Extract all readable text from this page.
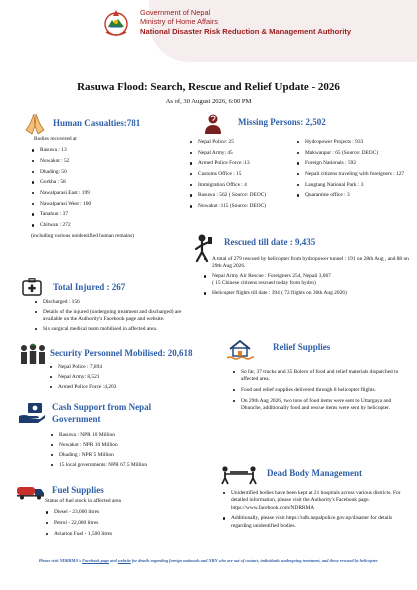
Government of Nepal
Ministry of Home Affairs
National Disaster Risk Reduction & Management Authority
Rasuwa Flood: Search, Rescue and Relief Update - 2026
As of, 30 August 2026, 6:00 PM
Human Casualties:781
Bodies recovered at
Rasuwa : 13
Nuwakot : 52
Dhading: 50
Gorkha : 58
Nawalparasi East : 199
Nawalparasi West : 100
Tanahun : 37
Chitwan : 272
(including various unidentified human remains)
Missing Persons: 2,502
Nepal Police: 25
Nepal Army: 45
Armed Police Force :13
Customs Office : 15
Immigration Office : 4
Rasuwa : 562 ( Source: DEOC)
Nuwakot :115 (Source: DEOC)
Hydropower Projects : 933
Makwanpur : 65 (Source: DEOC)
Foreign Nationals : 592
Nepali citizens traveling with foreigners : 127
Langtang National Park : 3
Quarantine office : 3
Rescued till date : 9,435
A total of 279 rescued by helicopter from hydropower tunnel : 191 on 28th Aug , and 88 on 29th Aug 2026.
Nepal Army Air Rescue : Foreigners 254, Nepali 3,067
( 15 Chinese citizens rescued today from hydro)
Helicopter flights till date : 394 ( 72 flights on 30th Aug 2026)
Total Injured : 267
Discharged : 156
Details of the injured (undergoing treatment and discharged) are available on the Authority's Facebook page and website.
Six surgical medical team mobilised in affected area.
Security Personnel Mobilised: 20,618
Nepal Police : 7,894
Nepal Army: 8,521
Armed Police Force :4,203
Relief Supplies
So far, 37 trucks and 35 Bolero of food and relief materials dispatched to affected area.
Food and relief supplies delivered through 8 helicopter flights.
On 29th Aug 2026, two tons of food items were sent to Uttargaya and Dhunche, additionally food and rescue items were sent by helicopter.
Cash Support from Nepal
Government
Rasuwa : NPR 10 Million
Nuwakot : NPR 10 Million
Dhading : NPR 5 Million
15 local governments: NPR 67.5 Million
Dead Body Management
Unidentified bodies have been kept at 21 hospitals across various districts. For detailed information, please visit the Authority's Facebook page. https://www.facebook.com/NDRRMA
Additionally, please visit https://udb.nepalpolice.gov.np/disaster for details regarding unidentified bodies.
Fuel Supplies
Status of fuel stock in affected area
Diesel - 23,000 litres
Petrol - 22,000 litres
Aviation Fuel - 1,500 litres
Please visit NDRRMA's Facebook page and website for details regarding foreign nationals and NRN who are out of contact, individuals undergoing treatment, and those rescued by helicopter.
